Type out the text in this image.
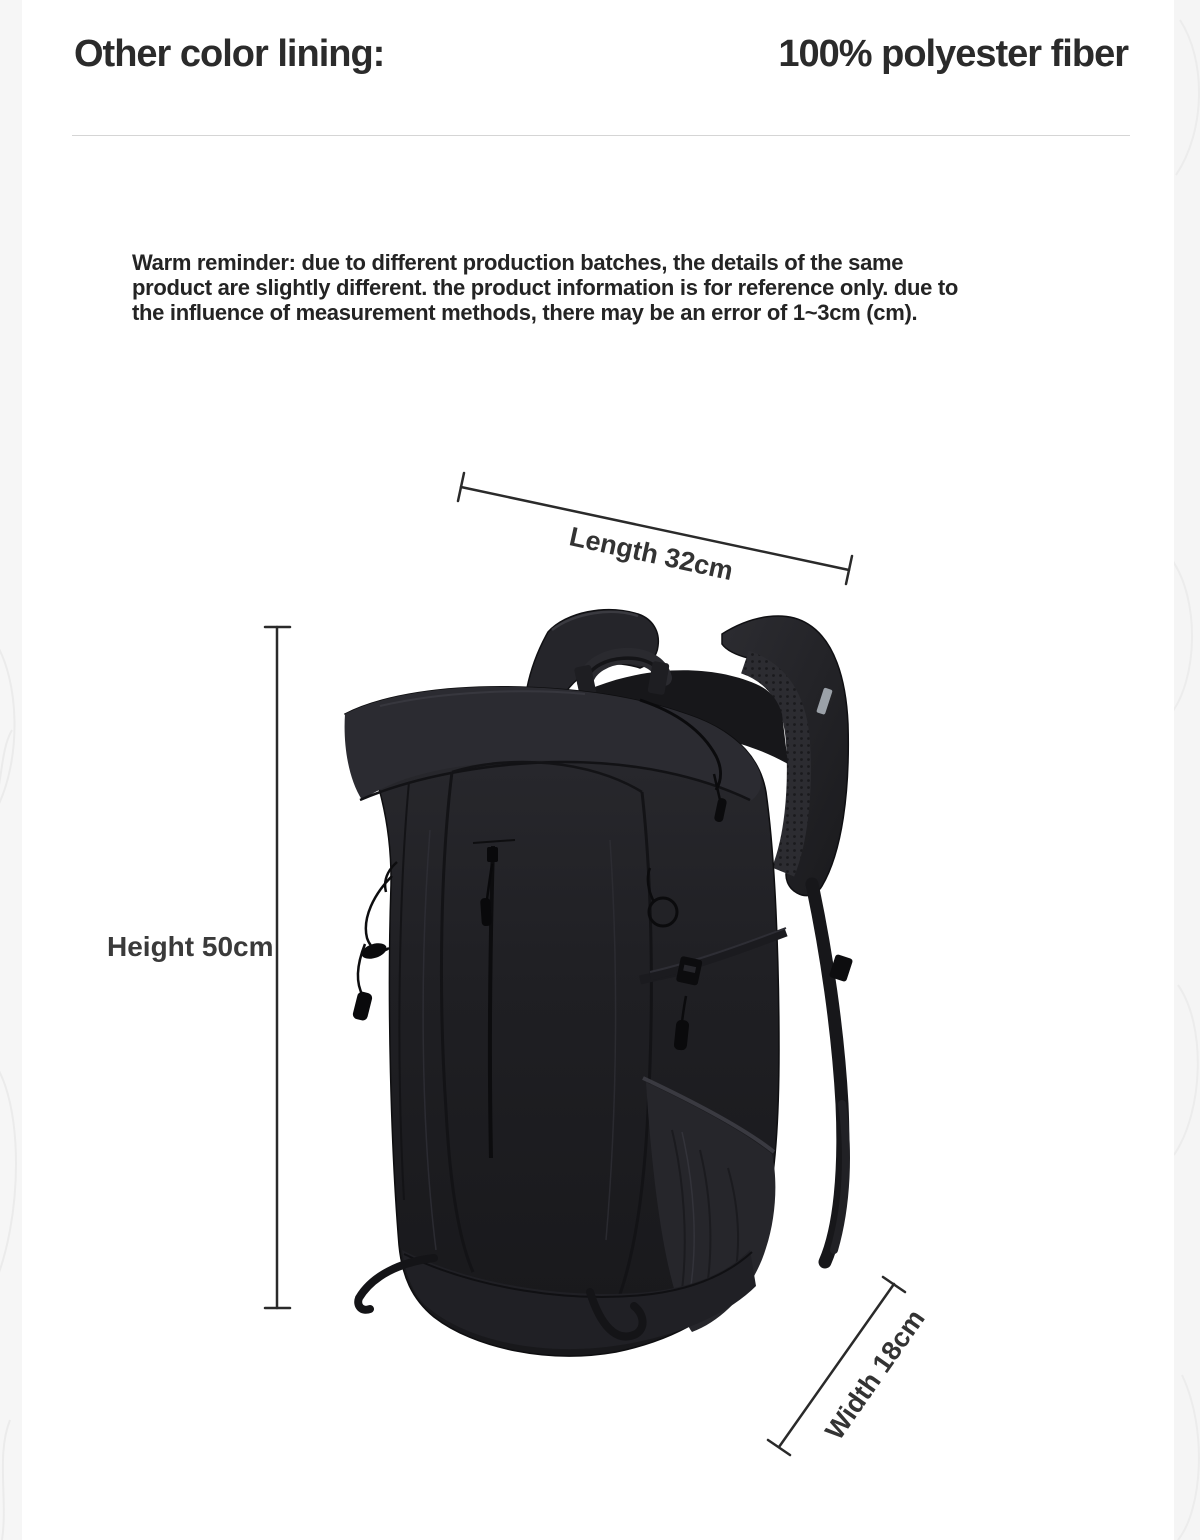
Other color lining:	100% polyester fiber
Warm reminder: due to different production batches, the details of the same
product are slightly different. the product information is for reference only. due to
the influence of measurement methods, there may be an error of 1~3cm (cm).
Length 32cm
Height 50cm
Width 18cm
